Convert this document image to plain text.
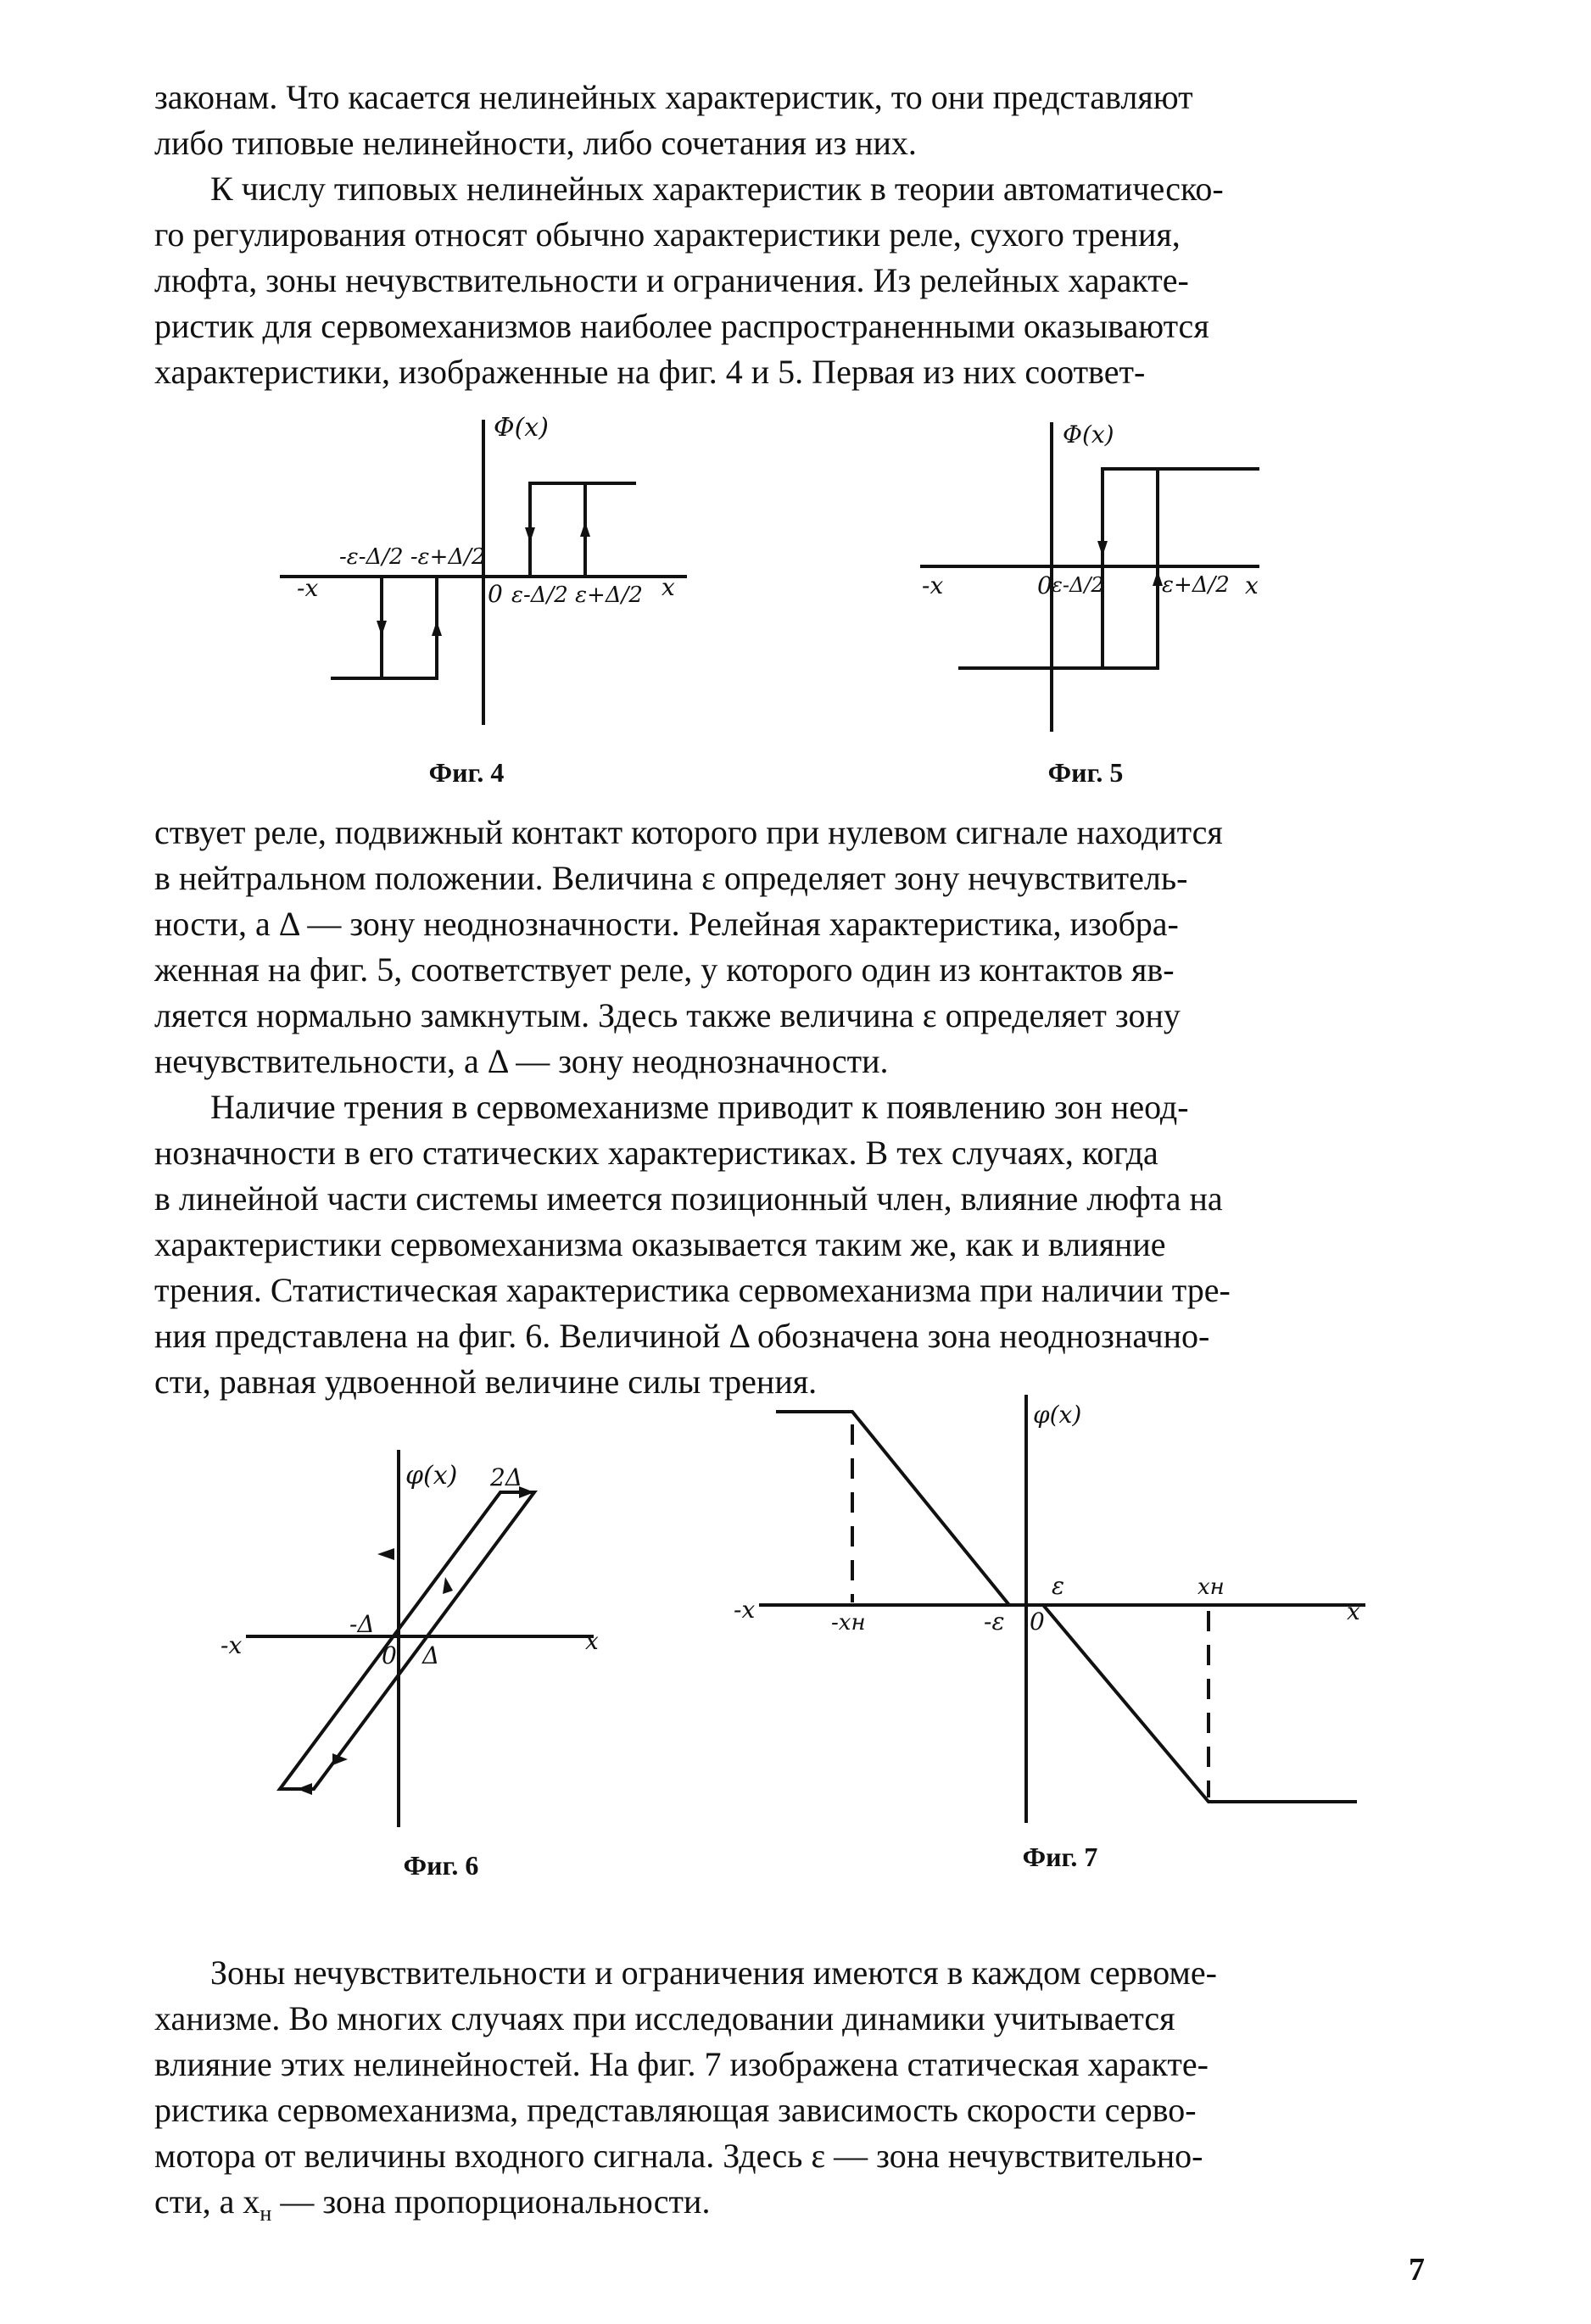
законам. Что касается нелинейных характеристик, то они представляют
либо типовые нелинейности, либо сочетания из них.
К числу типовых нелинейных характеристик в теории автоматическо-
го регулирования относят обычно характеристики реле, сухого трения,
люфта, зоны нечувствительности и ограничения. Из релейных характе-
ристик для сервомеханизмов наиболее распространенными оказываются
характеристики, изображенные на фиг. 4 и 5. Первая из них соответ-
Φ(x)
-x
-ε-Δ/2 -ε+Δ/2
0 ε-Δ/2 ε+Δ/2 x
Фиг. 4
Φ(x)
-x	0 ε-Δ/2	ε+Δ/2 x
Фиг. 5
ствует реле, подвижный контакт которого при нулевом сигнале находится
в нейтральном положении. Величина ε определяет зону нечувствитель-
ности, а Δ — зону неоднозначности. Релейная характеристика, изобра-
женная на фиг. 5, соответствует реле, у которого один из контактов яв-
ляется нормально замкнутым. Здесь также величина ε определяет зону
нечувствительности, а Δ — зону неоднозначности.
Наличие трения в сервомеханизме приводит к появлению зон неод-
нозначности в его статических характеристиках. В тех случаях, когда
в линейной части системы имеется позиционный член, влияние люфта на
характеристики сервомеханизма оказывается таким же, как и влияние
трения. Статистическая характеристика сервомеханизма при наличии тре-
ния представлена на фиг. 6. Величиной Δ обозначена зона неоднозначно-
сти, равная удвоенной величине силы трения.
φ(x) 2Δ
-Δ
0 Δ
-x	x
Фиг. 6
φ(x)
-x	-xн	-ε 0
ε	xн
x
Фиг. 7
Зоны нечувствительности и ограничения имеются в каждом сервоме-
ханизме. Во многих случаях при исследовании динамики учитывается
влияние этих нелинейностей. На фиг. 7 изображена статическая характе-
ристика сервомеханизма, представляющая зависимость скорости серво-
мотора от величины входного сигнала. Здесь ε — зона нечувствительно-
сти, а $x_н$ — зона пропорциональности.
7
